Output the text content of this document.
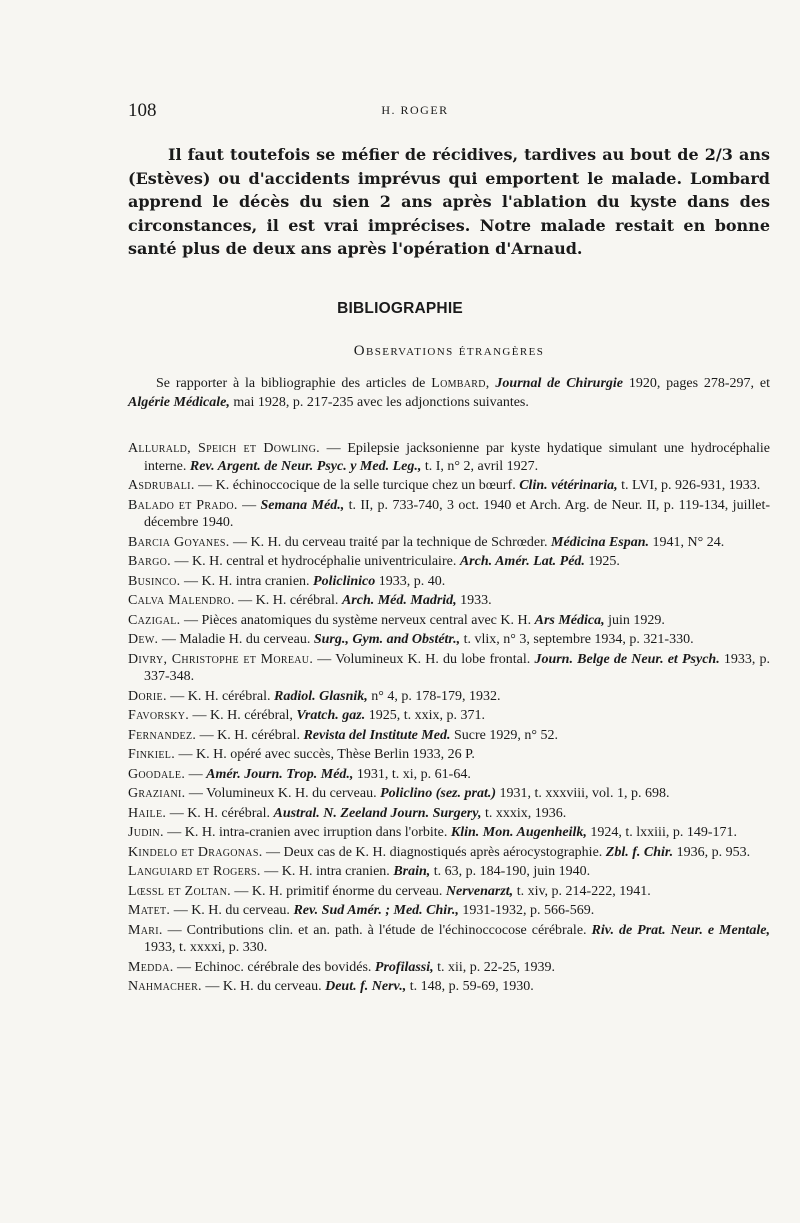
108	H. ROGER

Il faut toutefois se méfier de récidives, tardives au bout de 2/3 ans (Estèves) ou d'accidents imprévus qui emportent le malade. Lombard apprend le décès du sien 2 ans après l'ablation du kyste dans des circonstances, il est vrai imprécises. Notre malade restait en bonne santé plus de deux ans après l'opération d'Arnaud.

BIBLIOGRAPHIE
Observations étrangères

Se rapporter à la bibliographie des articles de Lombard, Journal de Chirurgie 1920, pages 278-297, et Algérie Médicale, mai 1928, p. 217-235 avec les adjonctions suivantes.

Allurald, Speich et Dowling. — Epilepsie jacksonienne par kyste hydatique simulant une hydrocéphalie interne. Rev. Argent. de Neur. Psyc. y Med. Leg., t. I, n° 2, avril 1927.

Asdrubali. — K. échinoccocique de la selle turcique chez un bœurf. Clin. vétérinaria, t. LVI, p. 926-931, 1933.

Balado et Prado. — Semana Méd., t. II, p. 733-740, 3 oct. 1940 et Arch. Arg. de Neur. II, p. 119-134, juillet-décembre 1940.

Barcia Goyanes. — K. H. du cerveau traité par la technique de Schrœder. Médicina Espan. 1941, N° 24.

Bargo. — K. H. central et hydrocéphalie univentriculaire. Arch. Amér. Lat. Péd. 1925.

Businco. — K. H. intra cranien. Policlinico 1933, p. 40.

Calva Malendro. — K. H. cérébral. Arch. Méd. Madrid, 1933.

Cazigal. — Pièces anatomiques du système nerveux central avec K. H. Ars Médica, juin 1929.

Dew. — Maladie H. du cerveau. Surg., Gym. and Obstétr., t. vlix, n° 3, septembre 1934, p. 321-330.

Divry, Christophe et Moreau. — Volumineux K. H. du lobe frontal. Journ. Belge de Neur. et Psych. 1933, p. 337-348.

Dorie. — K. H. cérébral. Radiol. Glasnik, n° 4, p. 178-179, 1932.

Favorsky. — K. H. cérébral, Vratch. gaz. 1925, t. xxix, p. 371.

Fernandez. — K. H. cérébral. Revista del Institute Med. Sucre 1929, n° 52.

Finkiel. — K. H. opéré avec succès, Thèse Berlin 1933, 26 P.

Goodale. — Amér. Journ. Trop. Méd., 1931, t. xi, p. 61-64.

Graziani. — Volumineux K. H. du cerveau. Policlino (sez. prat.) 1931, t. xxxviii, vol. 1, p. 698.

Haile. — K. H. cérébral. Austral. N. Zeeland Journ. Surgery, t. xxxix, 1936.

Judin. — K. H. intra-cranien avec irruption dans l'orbite. Klin. Mon. Augenheilk, 1924, t. lxxiii, p. 149-171.

Kindelo et Dragonas. — Deux cas de K. H. diagnostiqués après aérocystographie. Zbl. f. Chir. 1936, p. 953.

Languiard et Rogers. — K. H. intra cranien. Brain, t. 63, p. 184-190, juin 1940.

Lœssl et Zoltan. — K. H. primitif énorme du cerveau. Nervenarzt, t. xiv, p. 214-222, 1941.

Matet. — K. H. du cerveau. Rev. Sud Amér. ; Med. Chir., 1931-1932, p. 566-569.

Mari. — Contributions clin. et an. path. à l'étude de l'échinoccocose cérébrale. Riv. de Prat. Neur. e Mentale, 1933, t. xxxxi, p. 330.

Medda. — Echinoc. cérébrale des bovidés. Profilassi, t. xii, p. 22-25, 1939.

Nahmacher. — K. H. du cerveau. Deut. f. Nerv., t. 148, p. 59-69, 1930.
